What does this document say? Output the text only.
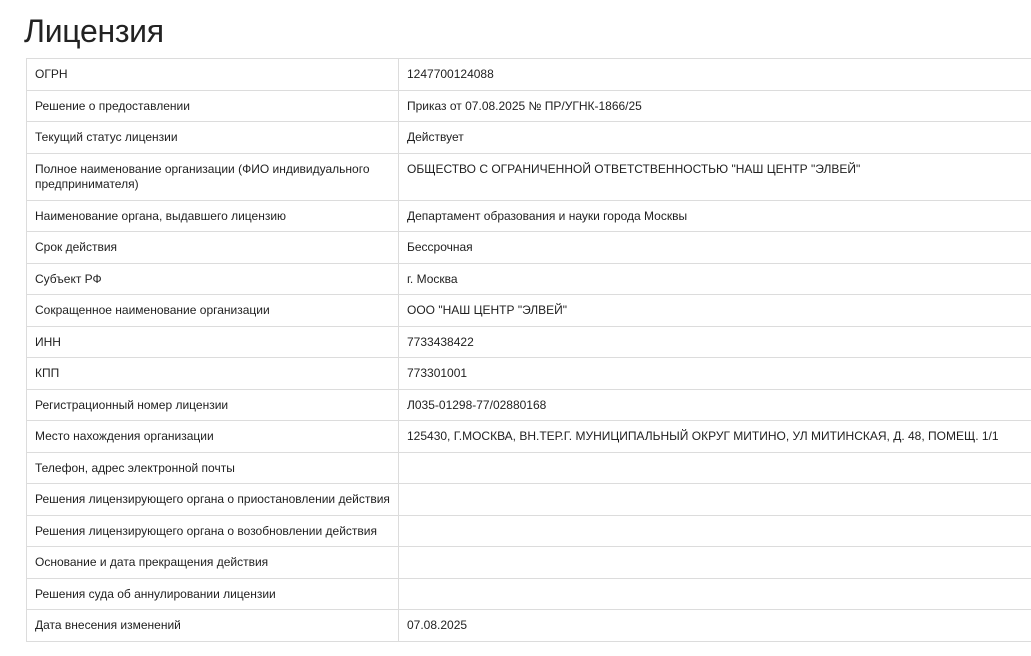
Лицензия
ОГРН	1247700124088
Решение о предоставлении	Приказ от 07.08.2025 № ПР/УГНК-1866/25
Текущий статус лицензии	Действует
Полное наименование организации (ФИО индивидуального предпринимателя)	ОБЩЕСТВО С ОГРАНИЧЕННОЙ ОТВЕТСТВЕННОСТЬЮ "НАШ ЦЕНТР "ЭЛВЕЙ"
Наименование органа, выдавшего лицензию	Департамент образования и науки города Москвы
Срок действия	Бессрочная
Субъект РФ	г. Москва
Сокращенное наименование организации	ООО "НАШ ЦЕНТР "ЭЛВЕЙ"
ИНН	7733438422
КПП	773301001
Регистрационный номер лицензии	Л035-01298-77/02880168
Место нахождения организации	125430, Г.МОСКВА, ВН.ТЕР.Г. МУНИЦИПАЛЬНЫЙ ОКРУГ МИТИНО, УЛ МИТИНСКАЯ, Д. 48, ПОМЕЩ. 1/1
Телефон, адрес электронной почты	
Решения лицензирующего органа о приостановлении действия	
Решения лицензирующего органа о возобновлении действия	
Основание и дата прекращения действия	
Решения суда об аннулировании лицензии	
Дата внесения изменений	07.08.2025
